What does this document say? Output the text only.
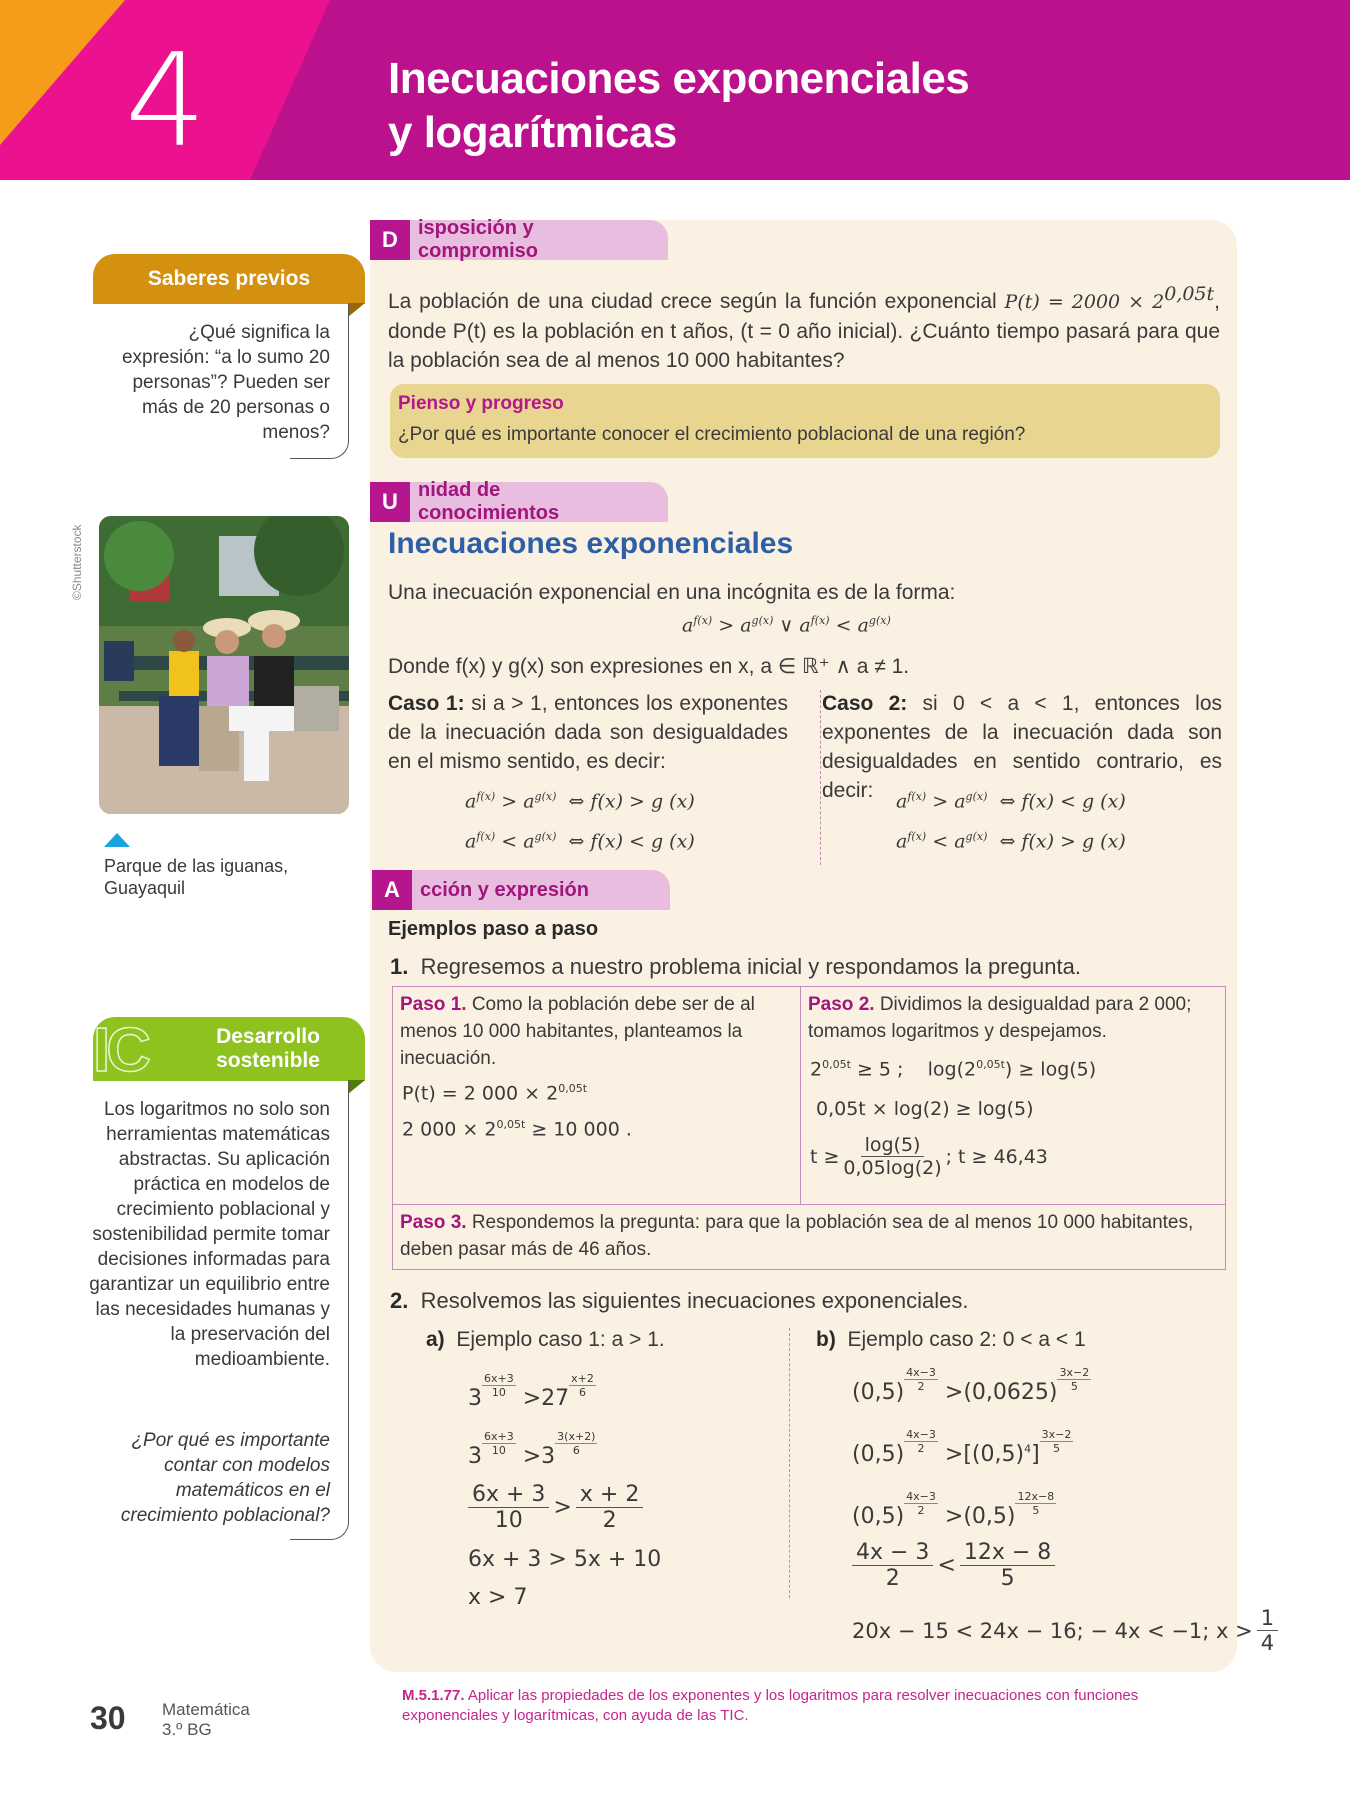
4	Inecuaciones exponenciales
y logarítmicas
Saberes previos
¿Qué significa la expresión: “a lo sumo 20 personas”? Pueden ser más de 20 personas o menos?
©Shutterstock
Parque de las iguanas,
Guayaquil
IC	Desarrollo
sostenible
Los logaritmos no solo son herramientas matemáticas abstractas. Su aplicación práctica en modelos de crecimiento poblacional y sostenibilidad permite tomar decisiones informadas para garantizar un equilibrio entre las necesidades humanas y la preservación del medioambiente.
¿Por qué es importante contar con modelos matemáticos en el crecimiento poblacional?
D	isposición y compromiso
La población de una ciudad crece según la función exponencial $P(t) = 2000 \times 2^{0,05t}$, donde P(t) es la población en t años, (t = 0 año inicial). ¿Cuánto tiempo pasará para que la población sea de al menos 10 000 habitantes?
Pienso y progreso
¿Por qué es importante conocer el crecimiento poblacional de una región?
U	nidad de conocimientos
Inecuaciones exponenciales
Una inecuación exponencial en una incógnita es de la forma:
$a^{f(x)} > a^{g(x)}$ ∨ $a^{f(x)} < a^{g(x)}$
Donde f(x) y g(x) son expresiones en x, a ∈ ℝ⁺ ∧ a ≠ 1.
Caso 1: si a > 1, entonces los exponentes de la inecuación dada son desigualdades en el mismo sentido, es decir:
Caso 2: si 0 < a < 1, entonces los exponentes de la inecuación dada son desigualdades en sentido contrario, es decir:
$a^{f(x)} > a^{g(x)}$ ⇔ f(x) > g (x)
$a^{f(x)} < a^{g(x)}$ ⇔ f(x) < g (x)
$a^{f(x)} > a^{g(x)}$ ⇔ f(x) < g (x)
$a^{f(x)} < a^{g(x)}$ ⇔ f(x) > g (x)
A	cción y expresión
Ejemplos paso a paso
1. Regresemos a nuestro problema inicial y respondamos la pregunta.
Paso 1. Como la población debe ser de al menos 10 000 habitantes, planteamos la inecuación.
P(t) = 2 $000 \times 2^{0,05t}$
2 $000 \times 2^{0,05t} \ge 10$ 000 .
Paso 2. Dividimos la desigualdad para 2 000; tomamos logaritmos y despejamos.
$2^{0,05t} \ge 5$ ; $\log(2^{0,05t}) \ge \log(5)$
0,05t × log(2) ≥ log(5)
$t \ge \frac{\log(5)}{0,05\log(2)}$ ; t ≥ 46,43
Paso 3. Respondemos la pregunta: para que la población sea de al menos 10 000 habitantes, deben pasar más de 46 años.
2. Resolvemos las siguientes inecuaciones exponenciales.
a) Ejemplo caso 1: a > 1.
$3 \frac{6x+3}{10} >27 \frac{x+2}{6}$
$3 \frac{6x+3}{10} >3 \frac{3(x+2)}{6}$
$\frac{6x + 3}{10} > \frac{x + 2}{2}$
6x + 3 > 5x + 10
x > 7
b) Ejemplo caso 2: 0 < a < 1
$(0,5) \frac{4x-3}{2} >(0,0625) \frac{3x-2}{5}$
$(0,5) \frac{4x-3}{2} >[(0,5)^4] \frac{3x-2}{5}$
$(0,5) \frac{4x-3}{2} >(0,5) \frac{12x-8}{5}$
$\frac{4x - 3}{2} < \frac{12x - 8}{5}$
20x − 15 < 24x − 16; − 4x < −1; $x > \frac{1}{4}$
30 Matemática
3.º BG
M.5.1.77. Aplicar las propiedades de los exponentes y los logaritmos para resolver inecuaciones con funciones exponenciales y logarítmicas, con ayuda de las TIC.
